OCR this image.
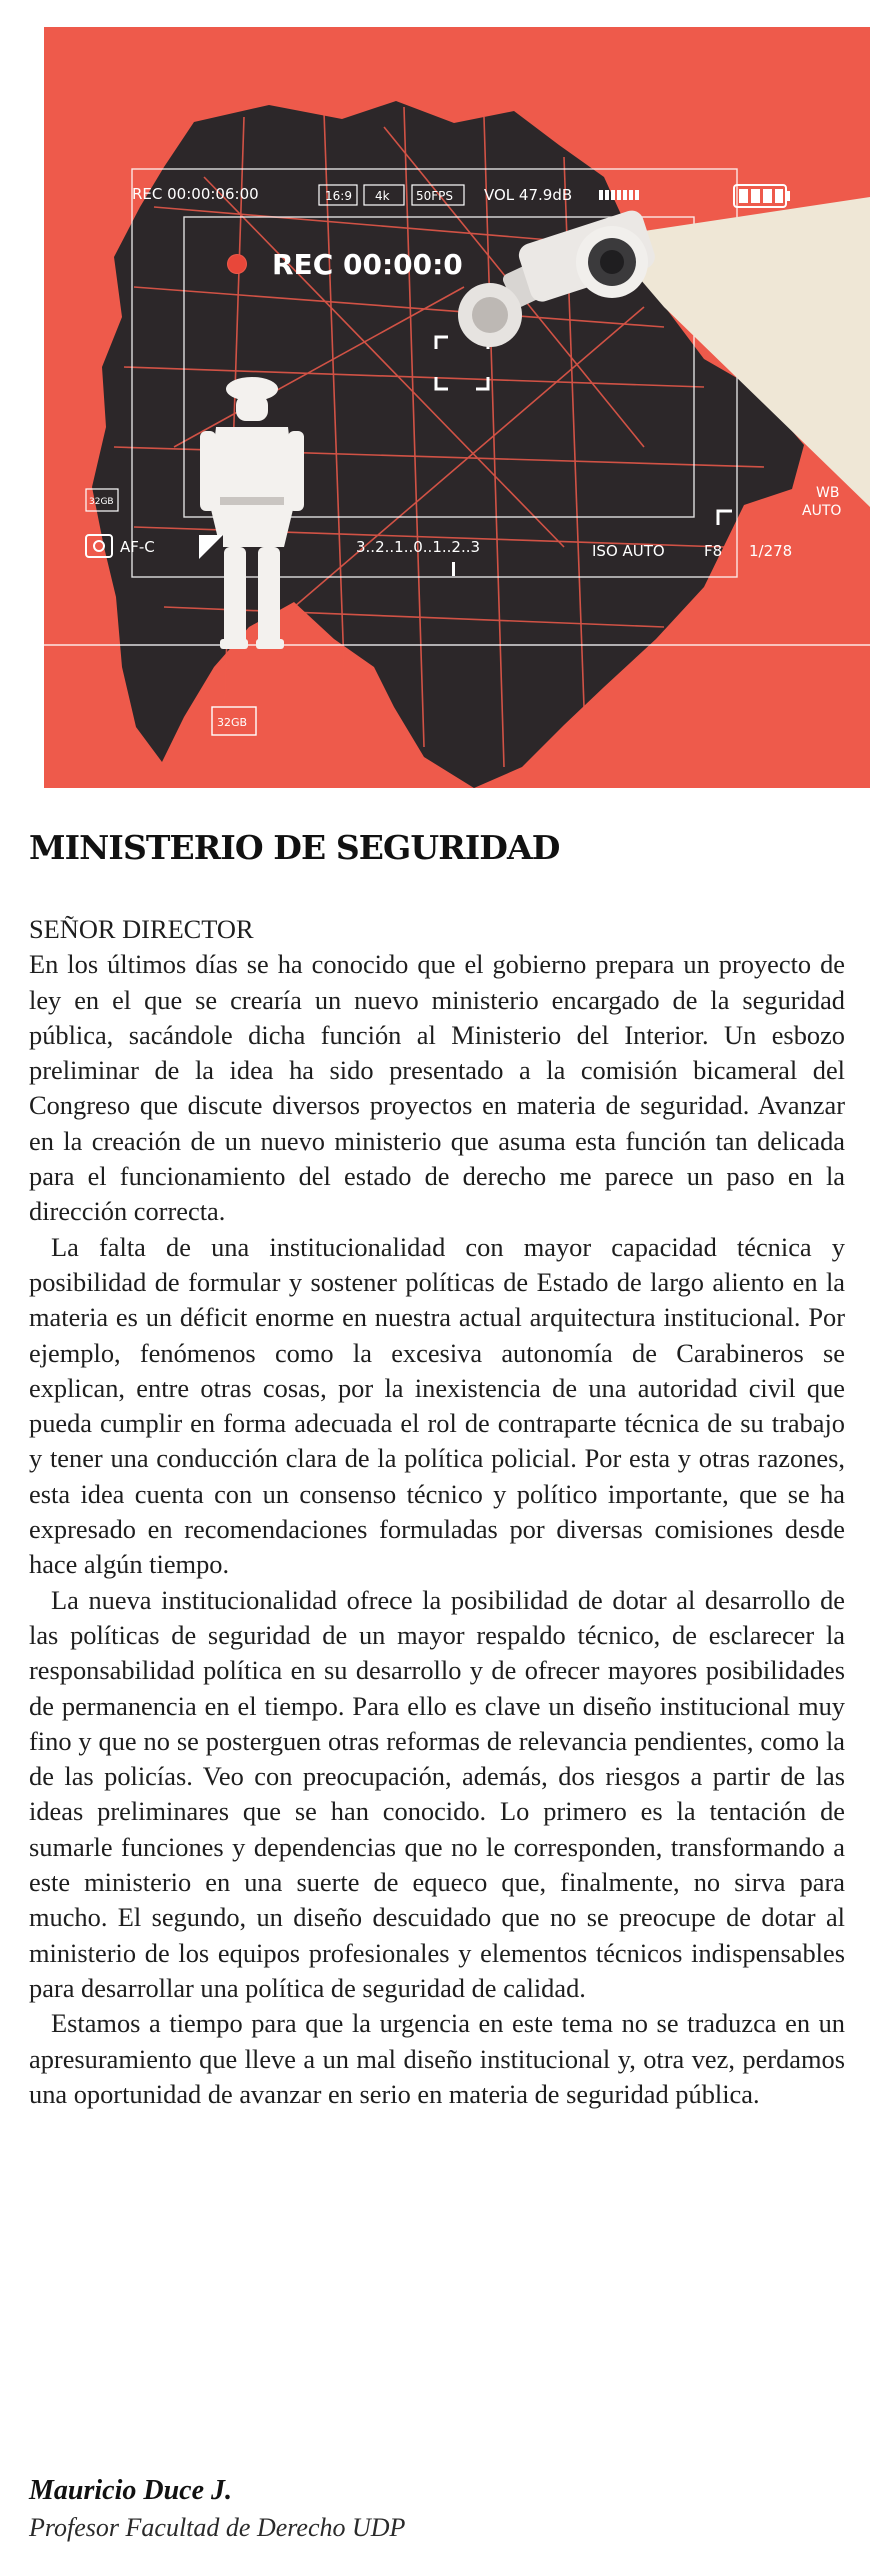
REC 00:00:06:00	16:9 4k 50FPS VOL 47.9dB
REC 00:00:0
32GB
AF-C	3..2..1..0..1..2..3	ISO AUTO	F8 1/278
WB
AUTO
32GB
MINISTERIO DE SEGURIDAD
SEÑOR DIRECTOR

En los últimos días se ha conocido que el gobierno prepara un proyecto de ley en el que se crearía un nuevo ministerio encargado de la seguridad pública, sacándole dicha función al Ministerio del Interior. Un esbozo preliminar de la idea ha sido presentado a la comisión bicameral del Congreso que discute diversos proyectos en materia de seguridad. Avanzar en la creación de un nuevo ministerio que asuma esta función tan delicada para el funcionamiento del estado de derecho me parece un paso en la dirección correcta.

La falta de una institucionalidad con mayor capacidad técnica y posibilidad de formular y sostener políticas de Estado de largo aliento en la materia es un déficit enorme en nuestra actual arquitectura institucional. Por ejemplo, fenómenos como la excesiva autonomía de Carabineros se explican, entre otras cosas, por la inexistencia de una autoridad civil que pueda cumplir en forma adecuada el rol de contraparte técnica de su trabajo y tener una conducción clara de la política policial. Por esta y otras razones, esta idea cuenta con un consenso técnico y político importante, que se ha expresado en recomendaciones formuladas por diversas comisiones desde hace algún tiempo.

La nueva institucionalidad ofrece la posibilidad de dotar al desarrollo de las políticas de seguridad de un mayor respaldo técnico, de esclarecer la responsabilidad política en su desarrollo y de ofrecer mayores posibilidades de permanencia en el tiempo. Para ello es clave un diseño institucional muy fino y que no se posterguen otras reformas de relevancia pendientes, como la de las policías. Veo con preocupación, además, dos riesgos a partir de las ideas preliminares que se han conocido. Lo primero es la tentación de sumarle funciones y dependencias que no le corresponden, transformando a este ministerio en una suerte de equeco que, finalmente, no sirva para mucho. El segundo, un diseño descuidado que no se preocupe de dotar al ministerio de los equipos profesionales y elementos técnicos indispensables para desarrollar una política de seguridad de calidad.

Estamos a tiempo para que la urgencia en este tema no se traduzca en un apresuramiento que lleve a un mal diseño institucional y, otra vez, perdamos una oportunidad de avanzar en serio en materia de seguridad pública.

Mauricio Duce J.
Profesor Facultad de Derecho UDP
